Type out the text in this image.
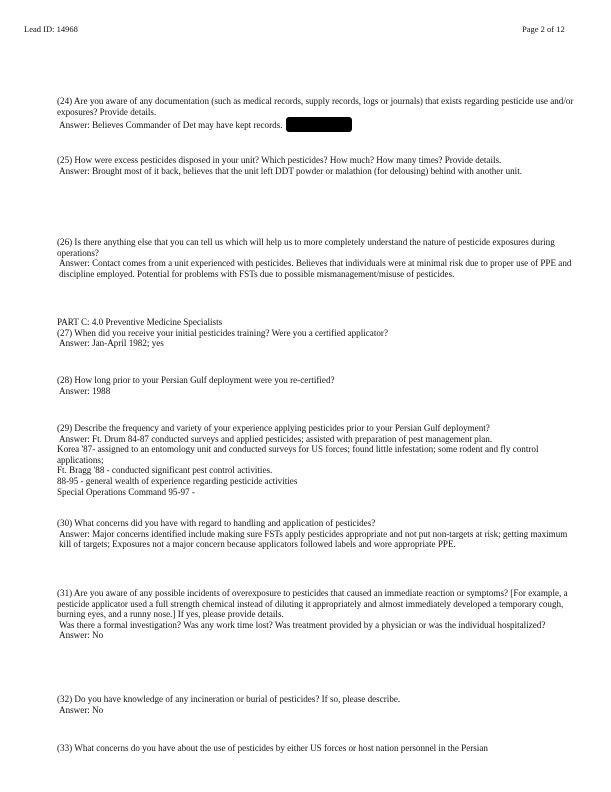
Lead ID: 14968	Page 2 of 12

(24) Are you aware of any documentation (such as medical records, supply records, logs or journals) that exists regarding pesticide use and/or exposures? Provide details.

Answer: Believes Commander of Det may have kept records.

(25) How were excess pesticides disposed in your unit? Which pesticides? How much? How many times? Provide details.

Answer: Brought most of it back, believes that the unit left DDT powder or malathion (for delousing) behind with another unit.

(26) Is there anything else that you can tell us which will help us to more completely understand the nature of pesticide exposures during operations?

Answer: Contact comes from a unit experienced with pesticides. Believes that individuals were at minimal risk due to proper use of PPE and discipline employed. Potential for problems with FSTs due to possible mismanagement/misuse of pesticides.

PART C: 4.0 Preventive Medicine Specialists

(27) When did you receive your initial pesticides training? Were you a certified applicator?

Answer: Jan-April 1982; yes

(28) How long prior to your Persian Gulf deployment were you re-certified?

Answer: 1988

(29) Describe the frequency and variety of your experience applying pesticides prior to your Persian Gulf deployment?

Answer: Ft. Drum 84-87 conducted surveys and applied pesticides; assisted with preparation of pest management plan.

Korea '87- assigned to an entomology unit and conducted surveys for US forces; found little infestation; some rodent and fly control applications;

Ft. Bragg '88 - conducted significant pest control activities.

88-95 - general wealth of experience regarding pesticide activities

Special Operations Command 95-97 -

(30) What concerns did you have with regard to handling and application of pesticides?

Answer: Major concerns identified include making sure FSTs apply pesticides appropriate and not put non-targets at risk; getting maximum kill of targets; Exposures not a major concern because applicators followed labels and wore appropriate PPE.

(31) Are you aware of any possible incidents of overexposure to pesticides that caused an immediate reaction or symptoms? [For example, a pesticide applicator used a full strength chemical instead of diluting it appropriately and almost immediately developed a temporary cough, burning eyes, and a runny nose.] If yes, please provide details.

Was there a formal investigation? Was any work time lost? Was treatment provided by a physician or was the individual hospitalized?

Answer: No

(32) Do you have knowledge of any incineration or burial of pesticides? If so, please describe.

Answer: No

(33) What concerns do you have about the use of pesticides by either US forces or host nation personnel in the Persian
